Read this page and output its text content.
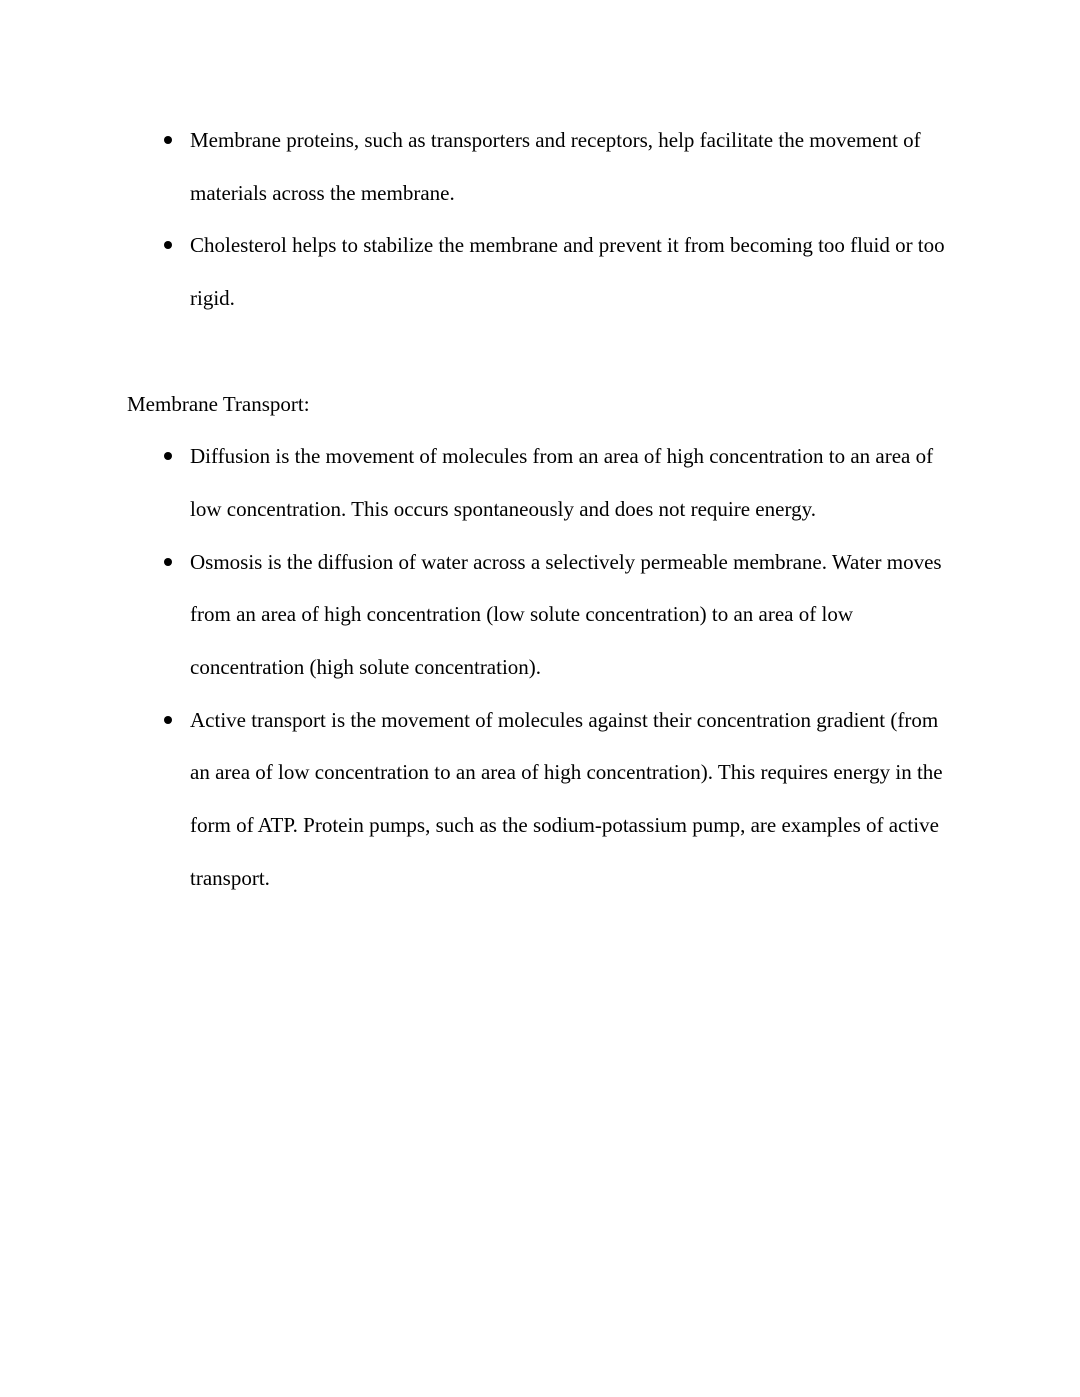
Membrane proteins, such as transporters and receptors, help facilitate the movement of materials across the membrane.
Cholesterol helps to stabilize the membrane and prevent it from becoming too fluid or too rigid.

Membrane Transport:

Diffusion is the movement of molecules from an area of high concentration to an area of low concentration. This occurs spontaneously and does not require energy.
Osmosis is the diffusion of water across a selectively permeable membrane. Water moves from an area of high concentration (low solute concentration) to an area of low concentration (high solute concentration).
Active transport is the movement of molecules against their concentration gradient (from an area of low concentration to an area of high concentration). This requires energy in the form of ATP. Protein pumps, such as the sodium-potassium pump, are examples of active transport.
